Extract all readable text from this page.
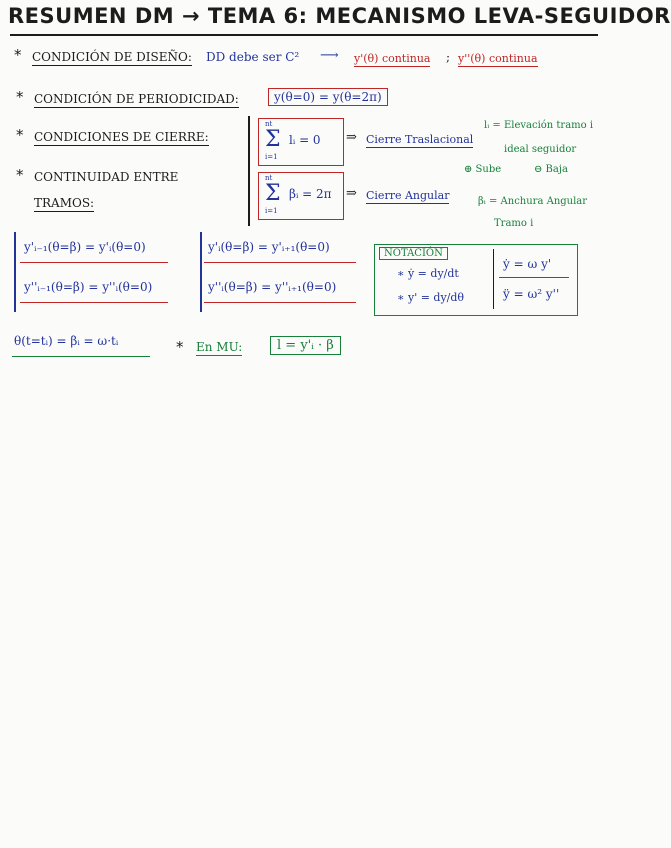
RESUMEN DM → TEMA 6: MECANISMO LEVA-SEGUIDOR
* CONDICIÓN DE DISEÑO: DD debe ser C² ⟶ y'(θ) continua ; y''(θ) continua
* CONDICIÓN DE PERIODICIDAD:	y(θ=0) = y(θ=2π)
* CONDICIONES DE CIERRE:
nt
Σ
i=1
lᵢ = 0 ⇒ Cierre Traslacional
nt
Σ
i=1
βᵢ = 2π ⇒ Cierre Angular
lᵢ = Elevación tramo i
ideal seguidor
⊕ Sube	⊖ Baja
βᵢ = Anchura Angular
Tramo i
* CONTINUIDAD ENTRE
TRAMOS:
y'ᵢ₋₁(θ=β) = y'ᵢ(θ=0)
y''ᵢ₋₁(θ=β) = y''ᵢ(θ=0)
y'ᵢ(θ=β) = y'ᵢ₊₁(θ=0)
y''ᵢ(θ=β) = y''ᵢ₊₁(θ=0)
NOTACIÓN
∗ ẏ = dy/dt
∗ y' = dy/dθ
ẏ = ω y'
ÿ = ω² y''
θ(t=tᵢ) = βᵢ = ω·tᵢ	* En MU:	l = y'ᵢ · β
